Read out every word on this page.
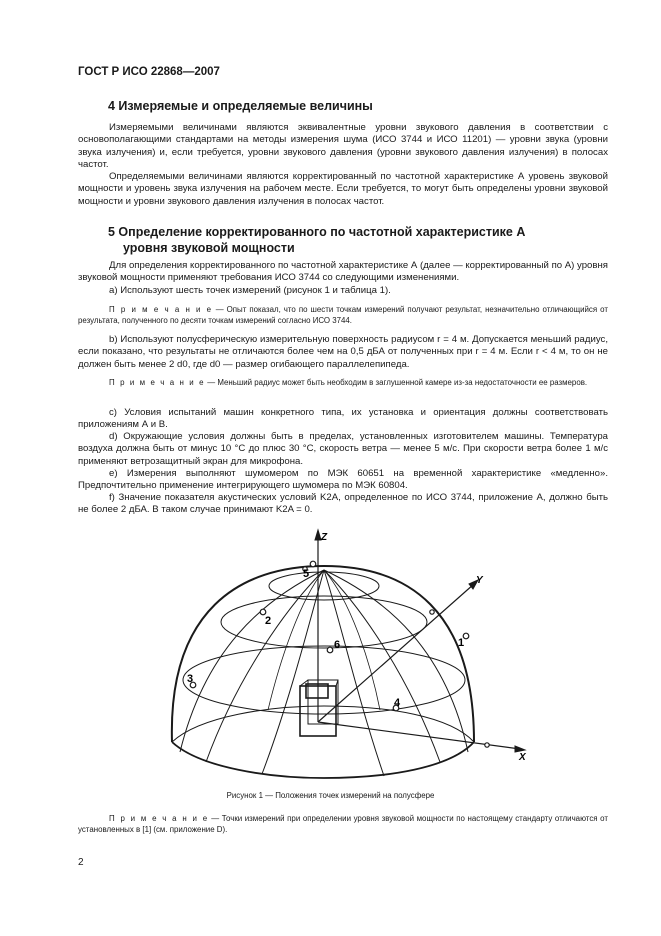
ГОСТ Р ИСО 22868—2007
4 Измеряемые и определяемые величины

Измеряемыми величинами являются эквивалентные уровни звукового давления в соответствии с основополагающими стандартами на методы измерения шума (ИСО 3744 и ИСО 11201) — уровни звука (уровни звука излучения) и, если требуется, уровни звукового давления (уровни звукового давления излучения) в полосах частот.

Определяемыми величинами являются корректированный по частотной характеристике А уровень звуковой мощности и уровень звука излучения на рабочем месте. Если требуется, то могут быть определены уровни звуковой мощности и уровни звукового давления излучения в полосах частот.

5 Определение корректированного по частотной характеристике А
уровня звуковой мощности

Для определения корректированного по частотной характеристике А (далее — корректированный по А) уровня звуковой мощности применяют требования ИСО 3744 со следующими изменениями.

а) Используют шесть точек измерений (рисунок 1 и таблица 1).

П р и м е ч а н и е — Опыт показал, что по шести точкам измерений получают результат, незначительно отличающийся от результата, полученного по десяти точкам измерений согласно ИСО 3744.

b) Используют полусферическую измерительную поверхность радиусом r = 4 м. Допускается меньший радиус, если показано, что результаты не отличаются более чем на 0,5 дБА от полученных при r = 4 м. Если r < 4 м, то он не должен быть менее 2 d0, где d0 — размер огибающего параллелепипеда.

П р и м е ч а н и е — Меньший радиус может быть необходим в заглушенной камере из-за недостаточности ее размеров.

с) Условия испытаний машин конкретного типа, их установка и ориентация должны соответствовать приложениям А и В.

d) Окружающие условия должны быть в пределах, установленных изготовителем машины. Температура воздуха должна быть от минус 10 °С до плюс 30 °С, скорость ветра — менее 5 м/с. При скорости ветра более 1 м/с применяют ветрозащитный экран для микрофона.

е) Измерения выполняют шумомером по МЭК 60651 на временной характеристике «медленно». Предпочтительно применение интегрирующего шумомера по МЭК 60804.

f) Значение показателя акустических условий K2A, определенное по ИСО 3744, приложение А, должно быть не более 2 дБА. В таком случае принимают K2A = 0.

1
2
3
4
5
6
Z
Y
X
Рисунок 1 — Положения точек измерений на полусфере

П р и м е ч а н и е — Точки измерений при определении уровня звуковой мощности по настоящему стандарту отличаются от установленных в [1] (см. приложение D).

2
